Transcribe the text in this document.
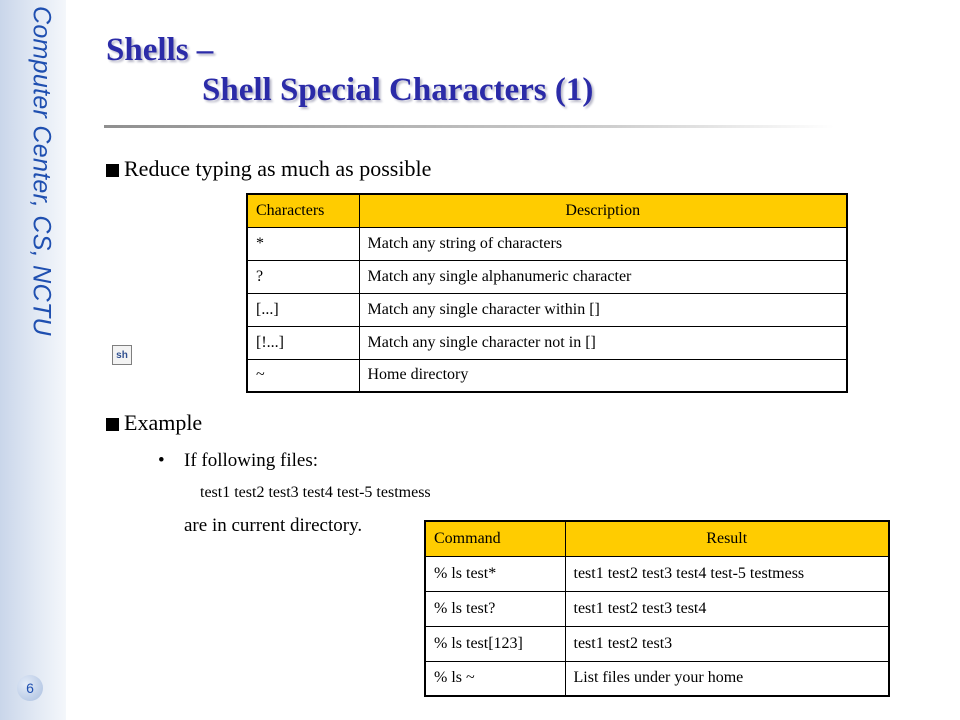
Computer Center, CS, NCTU
6
Shells –
Shell Special Characters (1)
Reduce typing as much as possible
Characters	Description
*	Match any string of characters
?	Match any single alphanumeric character
[...]	Match any single character within []
[!...]	Match any single character not in []
~	Home directory
sh
Example
• If following files:
test1 test2 test3 test4 test-5 testmess
are in current directory.
Command	Result
% ls test*	test1 test2 test3 test4 test-5 testmess
% ls test?	test1 test2 test3 test4
% ls test[123]	test1 test2 test3
% ls ~	List files under your home
